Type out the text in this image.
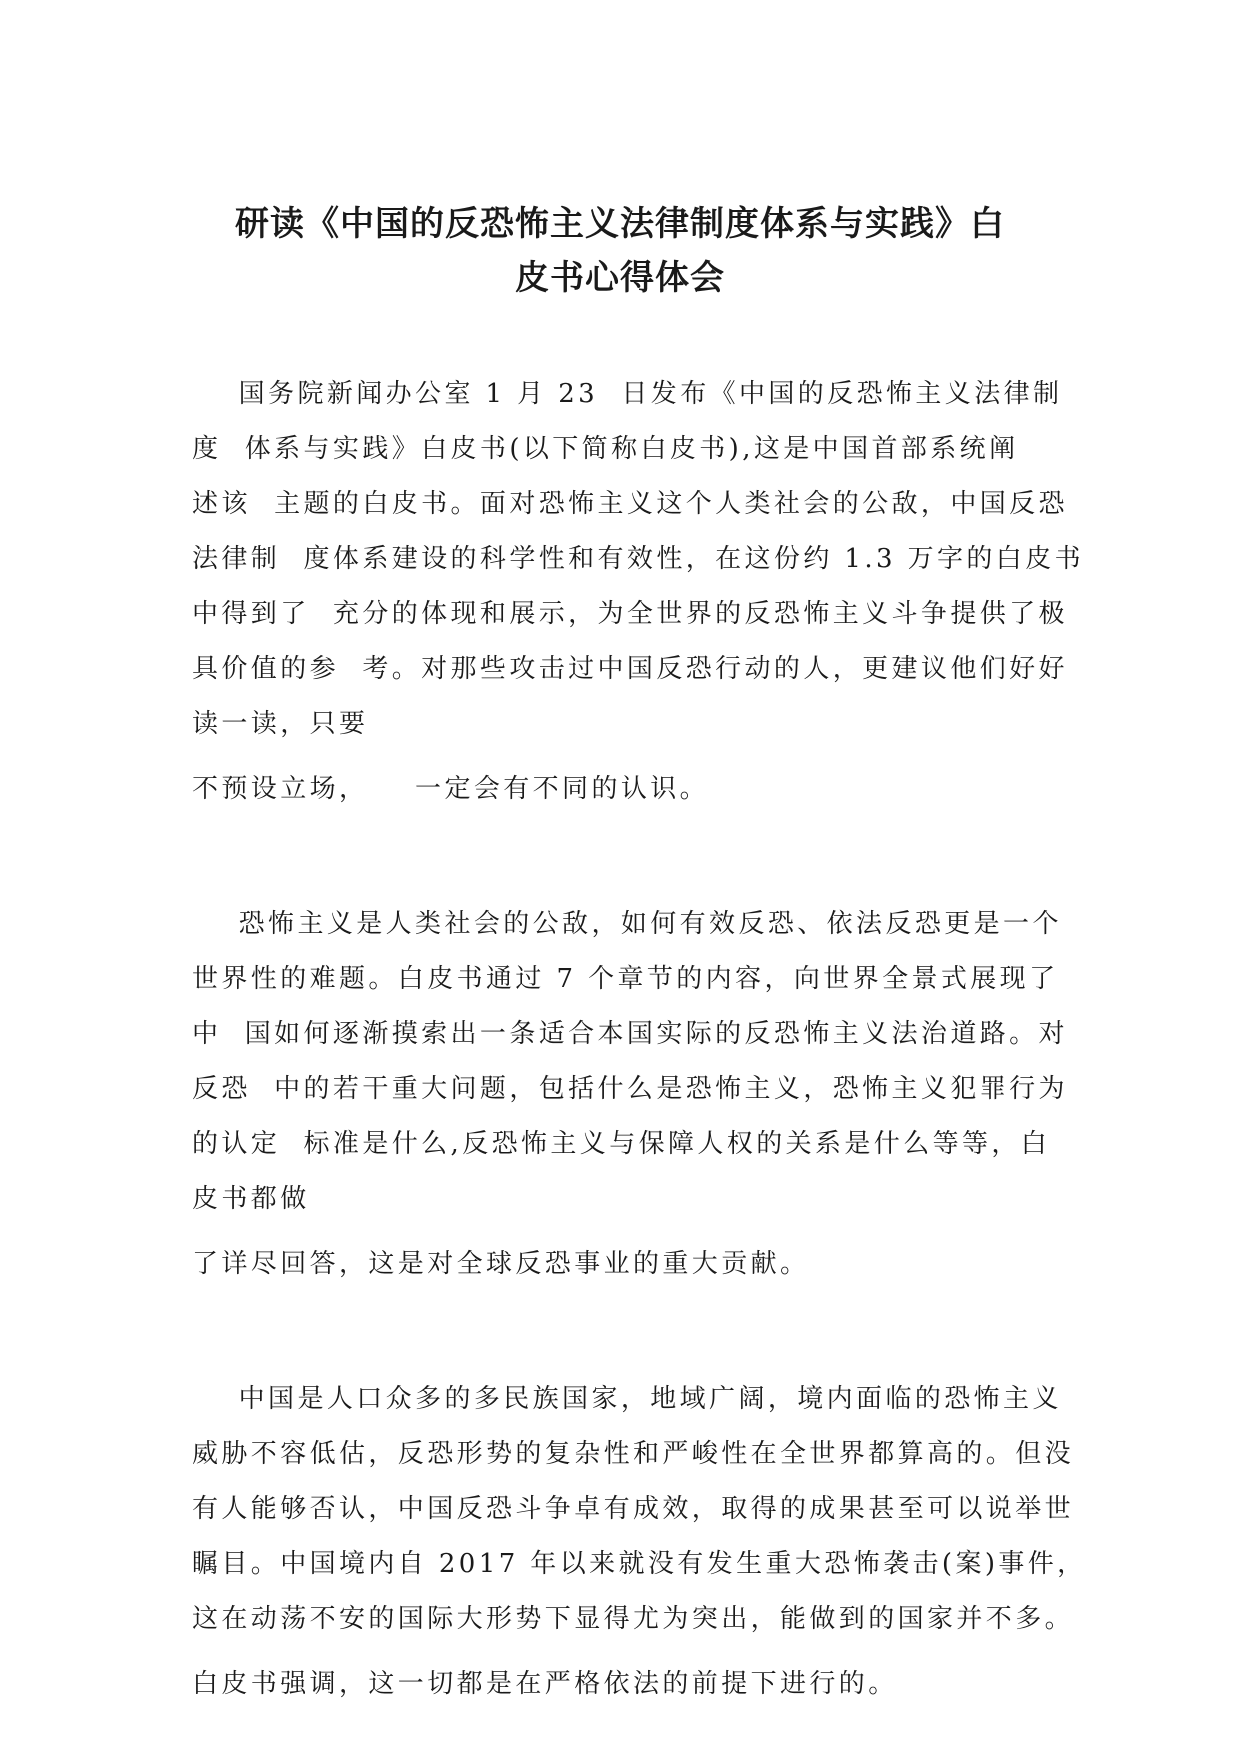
研读《中国的反恐怖主义法律制度体系与实践》白
皮书心得体会
国务院新闻办公室 1 月 23  日发布《中国的反恐怖主义法律制
度  体系与实践》白皮书(以下简称白皮书),这是中国首部系统阐
述该  主题的白皮书。面对恐怖主义这个人类社会的公敌，中国反恐
法律制  度体系建设的科学性和有效性，在这份约 1.3 万字的白皮书
中得到了  充分的体现和展示，为全世界的反恐怖主义斗争提供了极
具价值的参  考。对那些攻击过中国反恐行动的人，更建议他们好好
读一读，只要
不预设立场，    一定会有不同的认识。
恐怖主义是人类社会的公敌，如何有效反恐、依法反恐更是一个
世界性的难题。白皮书通过 7 个章节的内容，向世界全景式展现了
中  国如何逐渐摸索出一条适合本国实际的反恐怖主义法治道路。对
反恐  中的若干重大问题，包括什么是恐怖主义，恐怖主义犯罪行为
的认定  标准是什么,反恐怖主义与保障人权的关系是什么等等，白
皮书都做
了详尽回答，这是对全球反恐事业的重大贡献。
中国是人口众多的多民族国家，地域广阔，境内面临的恐怖主义
威胁不容低估，反恐形势的复杂性和严峻性在全世界都算高的。但没
有人能够否认，中国反恐斗争卓有成效，取得的成果甚至可以说举世
瞩目。中国境内自 2017 年以来就没有发生重大恐怖袭击(案)事件，
这在动荡不安的国际大形势下显得尤为突出，能做到的国家并不多。
白皮书强调，这一切都是在严格依法的前提下进行的。
